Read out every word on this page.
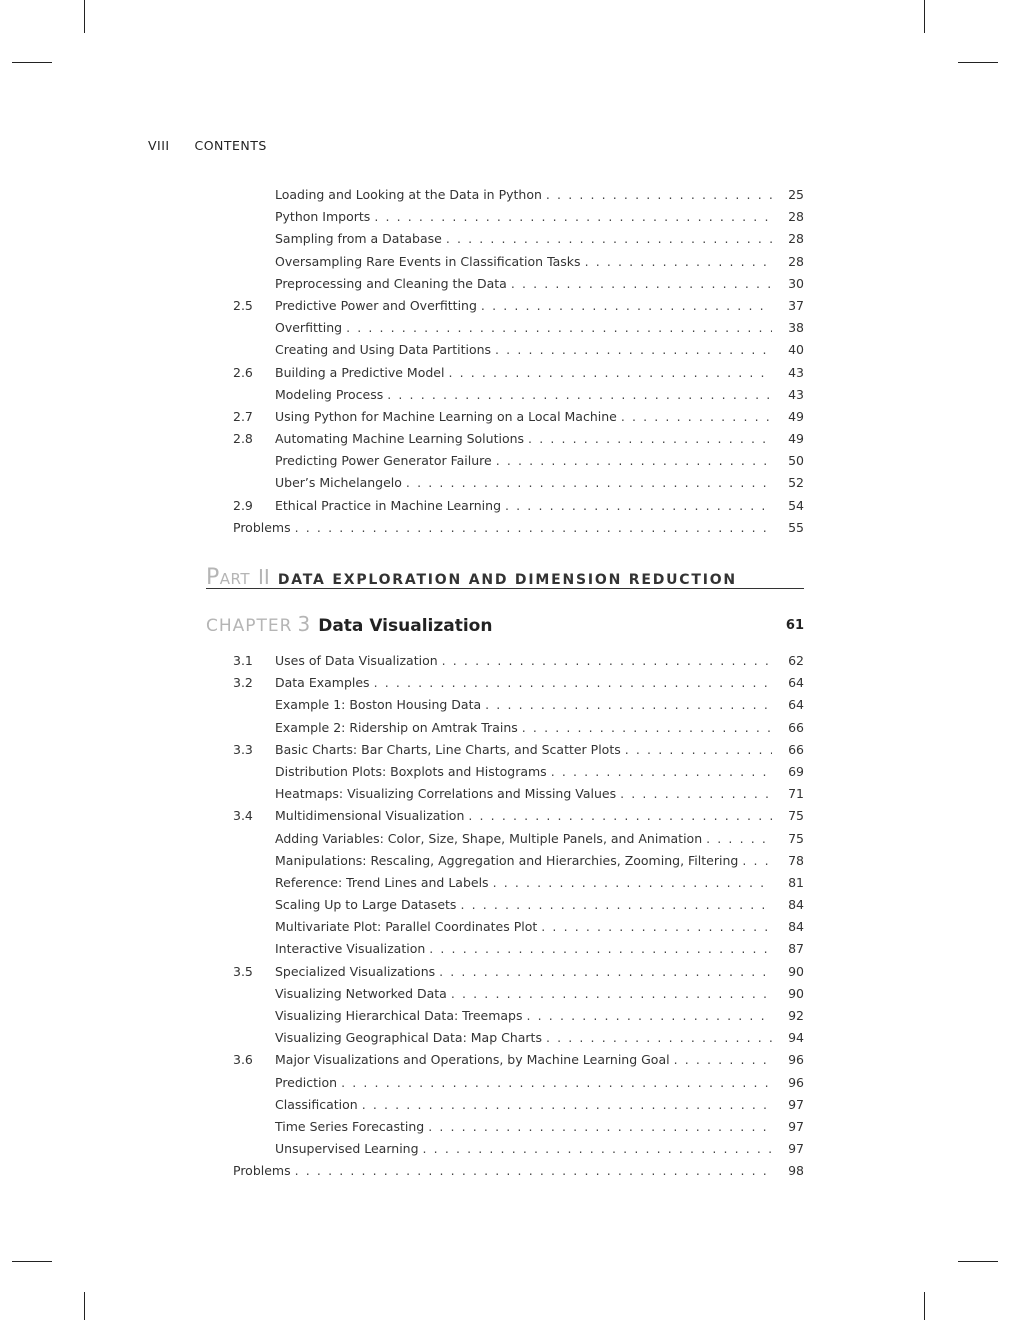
VIII CONTENTS
Loading and Looking at the Data in Python . . .	25
Python Imports . . .	28
Sampling from a Database . . .	28
Oversampling Rare Events in Classification Tasks . . .	28
Preprocessing and Cleaning the Data . . .	30
2.5	Predictive Power and Overfitting . . .	37
Overfitting . . .	38
Creating and Using Data Partitions . . .	40
2.6	Building a Predictive Model . . .	43
Modeling Process . . .	43
2.7	Using Python for Machine Learning on a Local Machine . . .	49
2.8	Automating Machine Learning Solutions . . .	49
Predicting Power Generator Failure . . .	50
Uber’s Michelangelo . . .	52
2.9	Ethical Practice in Machine Learning . . .	54
Problems . . .	55
Part II DATA EXPLORATION AND DIMENSION REDUCTION
CHAPTER 3 Data Visualization	61
3.1	Uses of Data Visualization . . .	62
3.2	Data Examples . . .	64
Example 1: Boston Housing Data . . .	64
Example 2: Ridership on Amtrak Trains . . .	66
3.3	Basic Charts: Bar Charts, Line Charts, and Scatter Plots . . .	66
Distribution Plots: Boxplots and Histograms . . .	69
Heatmaps: Visualizing Correlations and Missing Values . . .	71
3.4	Multidimensional Visualization . . .	75
Adding Variables: Color, Size, Shape, Multiple Panels, and Animation . . .	75
Manipulations: Rescaling, Aggregation and Hierarchies, Zooming, Filtering . . .	78
Reference: Trend Lines and Labels . . .	81
Scaling Up to Large Datasets . . .	84
Multivariate Plot: Parallel Coordinates Plot . . .	84
Interactive Visualization . . .	87
3.5	Specialized Visualizations . . .	90
Visualizing Networked Data . . .	90
Visualizing Hierarchical Data: Treemaps . . .	92
Visualizing Geographical Data: Map Charts . . .	94
3.6	Major Visualizations and Operations, by Machine Learning Goal . . .	96
Prediction . . .	96
Classification . . .	97
Time Series Forecasting . . .	97
Unsupervised Learning . . .	97
Problems . . .	98
